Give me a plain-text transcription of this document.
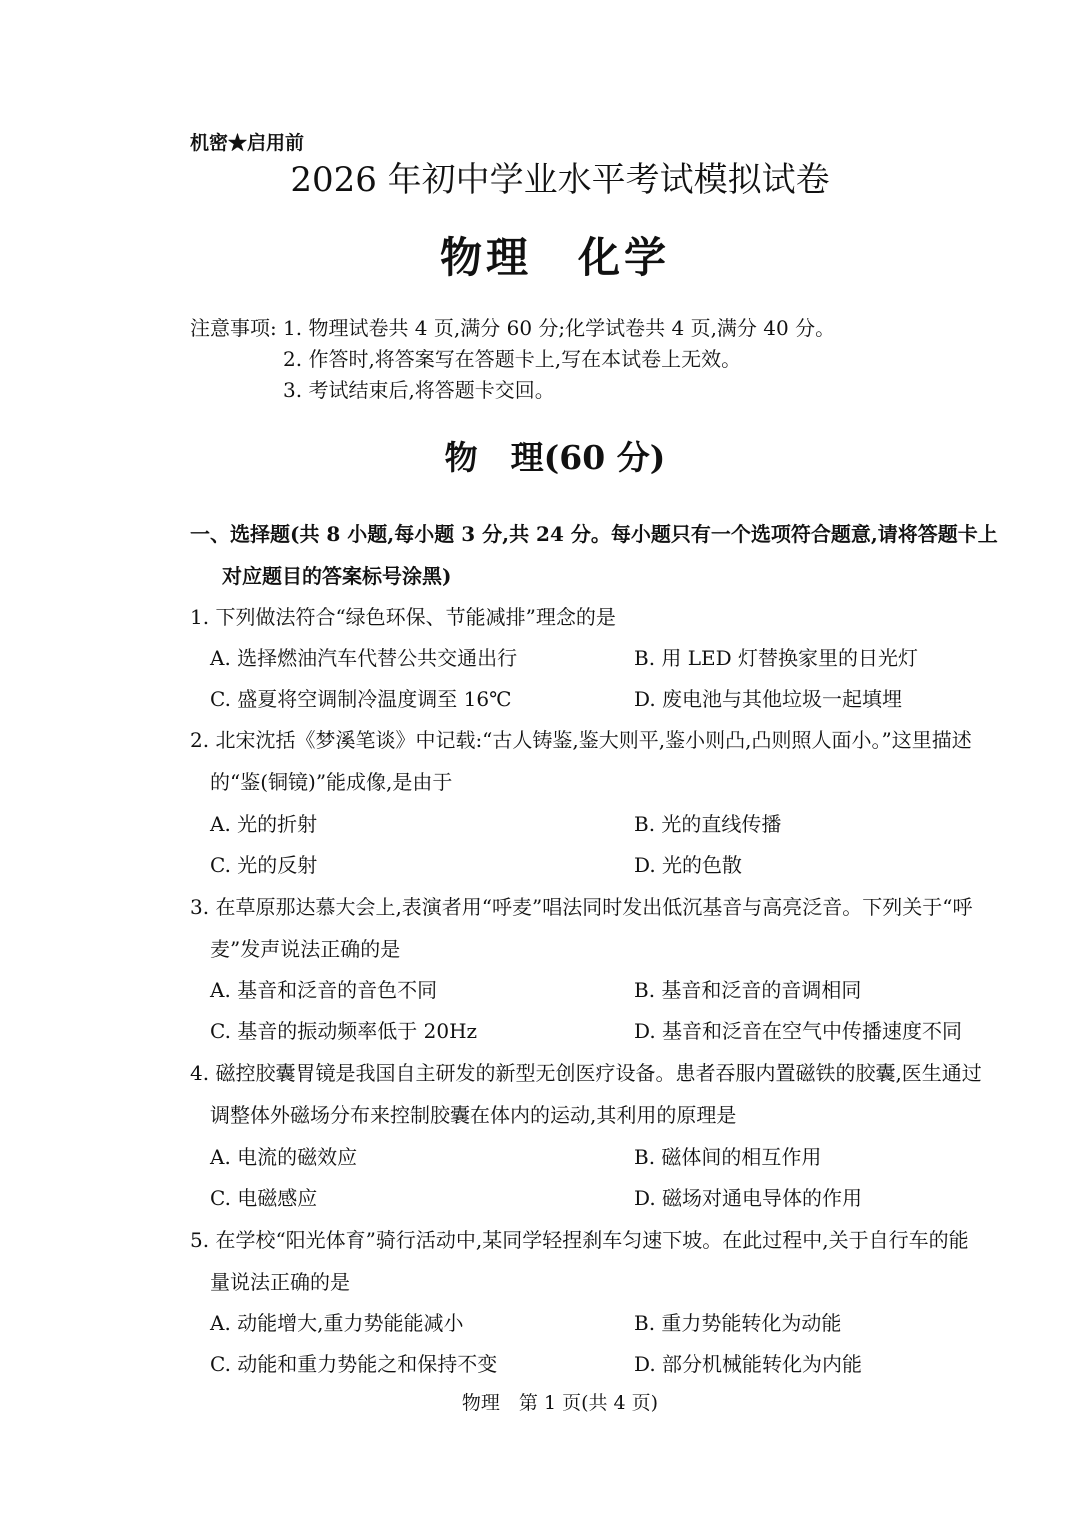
机密★启用前
2026 年初中学业水平考试模拟试卷
物理　化学
注意事项: 1. 物理试卷共 4 页,满分 60 分;化学试卷共 4 页,满分 40 分。
2. 作答时,将答案写在答题卡上,写在本试卷上无效。
3. 考试结束后,将答题卡交回。
物　理(60 分)
一、选择题(共 8 小题,每小题 3 分,共 24 分。每小题只有一个选项符合题意,请将答题卡上
对应题目的答案标号涂黑)
1. 下列做法符合“绿色环保、节能减排”理念的是
A. 选择燃油汽车代替公共交通出行	B. 用 LED 灯替换家里的日光灯
C. 盛夏将空调制冷温度调至 16℃	D. 废电池与其他垃圾一起填埋
2. 北宋沈括《梦溪笔谈》中记载:“古人铸鉴,鉴大则平,鉴小则凸,凸则照人面小。”这里描述
的“鉴(铜镜)”能成像,是由于
A. 光的折射	B. 光的直线传播
C. 光的反射	D. 光的色散
3. 在草原那达慕大会上,表演者用“呼麦”唱法同时发出低沉基音与高亮泛音。下列关于“呼
麦”发声说法正确的是
A. 基音和泛音的音色不同	B. 基音和泛音的音调相同
C. 基音的振动频率低于 20Hz	D. 基音和泛音在空气中传播速度不同
4. 磁控胶囊胃镜是我国自主研发的新型无创医疗设备。患者吞服内置磁铁的胶囊,医生通过
调整体外磁场分布来控制胶囊在体内的运动,其利用的原理是
A. 电流的磁效应	B. 磁体间的相互作用
C. 电磁感应	D. 磁场对通电导体的作用
5. 在学校“阳光体育”骑行活动中,某同学轻捏刹车匀速下坡。在此过程中,关于自行车的能
量说法正确的是
A. 动能增大,重力势能能减小	B. 重力势能转化为动能
C. 动能和重力势能之和保持不变	D. 部分机械能转化为内能
物理　第 1 页(共 4 页)
